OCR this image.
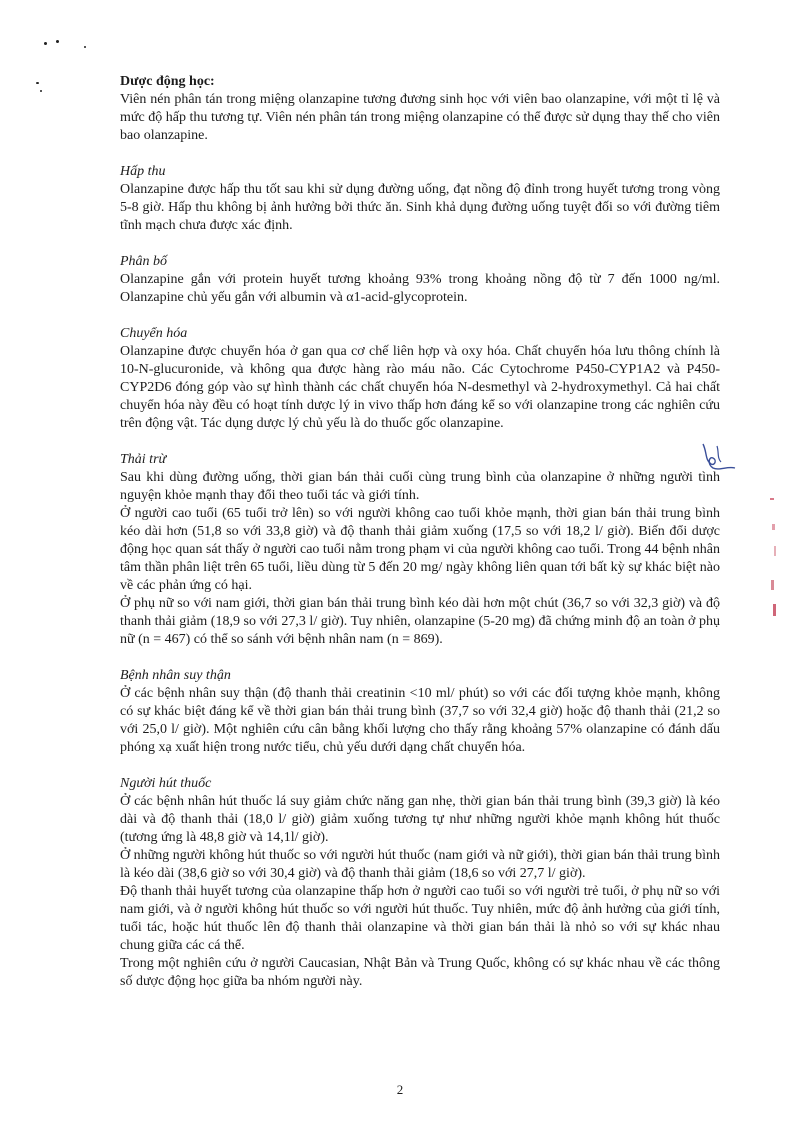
Dược động học:

Viên nén phân tán trong miệng olanzapine tương đương sinh học với viên bao olanzapine, với một tỉ lệ và mức độ hấp thu tương tự. Viên nén phân tán trong miệng olanzapine có thể được sử dụng thay thế cho viên bao olanzapine.

Hấp thu

Olanzapine được hấp thu tốt sau khi sử dụng đường uống, đạt nồng độ đỉnh trong huyết tương trong vòng 5-8 giờ. Hấp thu không bị ảnh hưởng bởi thức ăn. Sinh khả dụng đường uống tuyệt đối so với đường tiêm tĩnh mạch chưa được xác định.

Phân bố

Olanzapine gắn với protein huyết tương khoảng 93% trong khoảng nồng độ từ 7 đến 1000 ng/ml. Olanzapine chủ yếu gắn với albumin và α1-acid-glycoprotein.

Chuyển hóa

Olanzapine được chuyển hóa ở gan qua cơ chế liên hợp và oxy hóa. Chất chuyển hóa lưu thông chính là 10-N-glucuronide, và không qua được hàng rào máu não. Các Cytochrome P450-CYP1A2 và P450-CYP2D6 đóng góp vào sự hình thành các chất chuyển hóa N-desmethyl và 2-hydroxymethyl. Cả hai chất chuyển hóa này đều có hoạt tính dược lý in vivo thấp hơn đáng kể so với olanzapine trong các nghiên cứu trên động vật. Tác dụng dược lý chủ yếu là do thuốc gốc olanzapine.

Thải trừ

Sau khi dùng đường uống, thời gian bán thải cuối cùng trung bình của olanzapine ở những người tình nguyện khỏe mạnh thay đổi theo tuổi tác và giới tính.

Ở người cao tuổi (65 tuổi trở lên) so với người không cao tuổi khỏe mạnh, thời gian bán thải trung bình kéo dài hơn (51,8 so với 33,8 giờ) và độ thanh thải giảm xuống (17,5 so với 18,2 l/ giờ). Biến đổi dược động học quan sát thấy ở người cao tuổi nằm trong phạm vi của người không cao tuổi. Trong 44 bệnh nhân tâm thần phân liệt trên 65 tuổi, liều dùng từ 5 đến 20 mg/ ngày không liên quan tới bất kỳ sự khác biệt nào về các phản ứng có hại.

Ở phụ nữ so với nam giới, thời gian bán thải trung bình kéo dài hơn một chút (36,7 so với 32,3 giờ) và độ thanh thải giảm (18,9 so với 27,3 l/ giờ). Tuy nhiên, olanzapine (5-20 mg) đã chứng minh độ an toàn ở phụ nữ (n = 467) có thể so sánh với bệnh nhân nam (n = 869).

Bệnh nhân suy thận

Ở các bệnh nhân suy thận (độ thanh thải creatinin <10 ml/ phút) so với các đối tượng khỏe mạnh, không có sự khác biệt đáng kể về thời gian bán thải trung bình (37,7 so với 32,4 giờ) hoặc độ thanh thải (21,2 so với 25,0 l/ giờ). Một nghiên cứu cân bằng khối lượng cho thấy rằng khoảng 57% olanzapine có đánh dấu phóng xạ xuất hiện trong nước tiểu, chủ yếu dưới dạng chất chuyển hóa.

Người hút thuốc

Ở các bệnh nhân hút thuốc lá suy giảm chức năng gan nhẹ, thời gian bán thải trung bình (39,3 giờ) là kéo dài và độ thanh thải (18,0 l/ giờ) giảm xuống tương tự như những người khỏe mạnh không hút thuốc (tương ứng là 48,8 giờ và 14,1l/ giờ).

Ở những người không hút thuốc so với người hút thuốc (nam giới và nữ giới), thời gian bán thải trung bình là kéo dài (38,6 giờ so với 30,4 giờ) và độ thanh thải giảm (18,6 so với 27,7 l/ giờ).

Độ thanh thải huyết tương của olanzapine thấp hơn ở người cao tuổi so với người trẻ tuổi, ở phụ nữ so với nam giới, và ở người không hút thuốc so với người hút thuốc. Tuy nhiên, mức độ ảnh hưởng của giới tính, tuổi tác, hoặc hút thuốc lên độ thanh thải olanzapine và thời gian bán thải là nhỏ so với sự khác nhau chung giữa các cá thể.

Trong một nghiên cứu ở người Caucasian, Nhật Bản và Trung Quốc, không có sự khác nhau về các thông số dược động học giữa ba nhóm người này.

2
